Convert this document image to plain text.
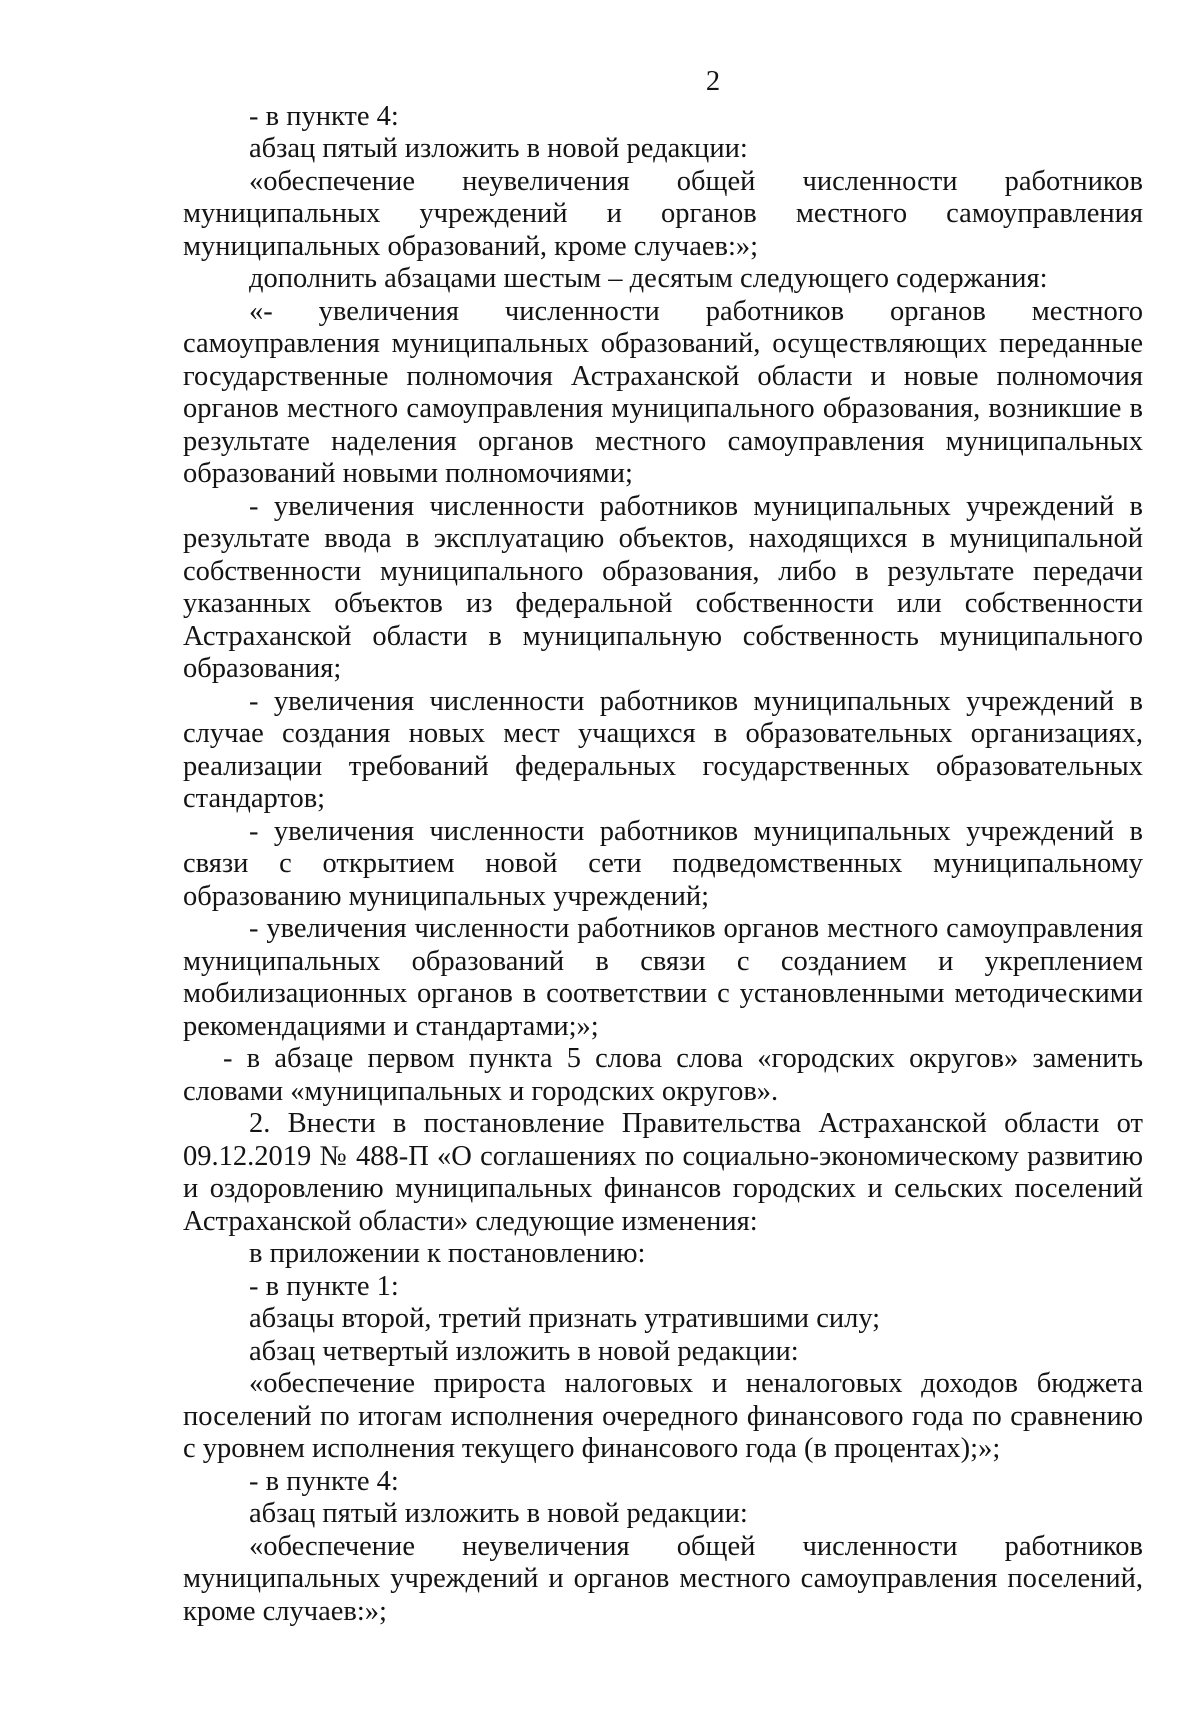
2

- в пункте 4:

абзац пятый изложить в новой редакции:

«обеспечение неувеличения общей численности работников муниципальных учреждений и органов местного самоуправления муниципальных образований, кроме случаев:»;

дополнить абзацами шестым – десятым следующего содержания:

«- увеличения численности работников органов местного самоуправления муниципальных образований, осуществляющих переданные государственные полномочия Астраханской области и новые полномочия органов местного самоуправления муниципального образования, возникшие в результате наделения органов местного самоуправления муниципальных образований новыми полномочиями;

- увеличения численности работников муниципальных учреждений в результате ввода в эксплуатацию объектов, находящихся в муниципальной собственности муниципального образования, либо в результате передачи указанных объектов из федеральной собственности или собственности Астраханской области в муниципальную собственность муниципального образования;

- увеличения численности работников муниципальных учреждений в случае создания новых мест учащихся в образовательных организациях, реализации требований федеральных государственных образовательных стандартов;

- увеличения численности работников муниципальных учреждений в связи с открытием новой сети подведомственных муниципальному образованию муниципальных учреждений;

- увеличения численности работников органов местного самоуправления муниципальных образований в связи с созданием и укреплением мобилизационных органов в соответствии с установленными методическими рекомендациями и стандартами;»;

- в абзаце первом пункта 5 слова слова «городских округов» заменить словами «муниципальных и городских округов».

2. Внести в постановление Правительства Астраханской области от 09.12.2019 № 488-П «О соглашениях по социально-экономическому развитию и оздоровлению муниципальных финансов городских и сельских поселений Астраханской области» следующие изменения:

в приложении к постановлению:

- в пункте 1:

абзацы второй, третий признать утратившими силу;

абзац четвертый изложить в новой редакции:

«обеспечение прироста налоговых и неналоговых доходов бюджета поселений по итогам исполнения очередного финансового года по сравнению с уровнем исполнения текущего финансового года (в процентах);»;

- в пункте 4:

абзац пятый изложить в новой редакции:

«обеспечение неувеличения общей численности работников муниципальных учреждений и органов местного самоуправления поселений, кроме случаев:»;
